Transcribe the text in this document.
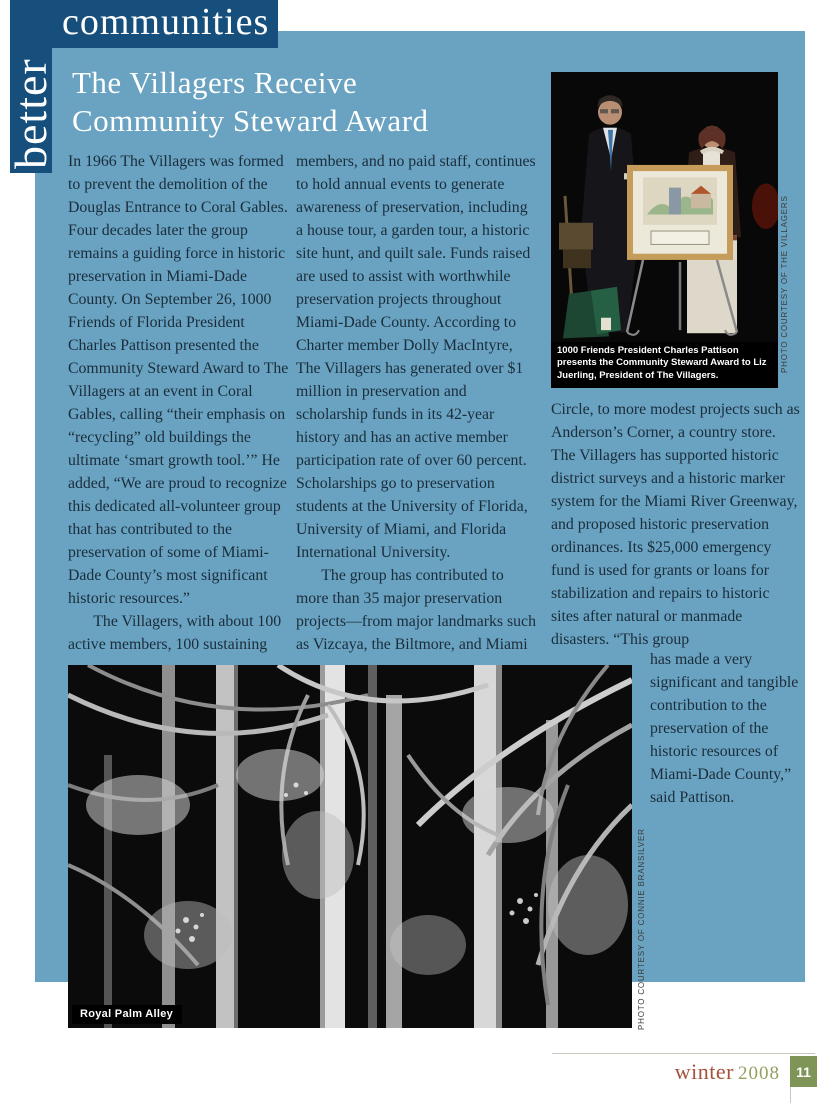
better
communities
The Villagers Receive
Community Steward Award

In 1966 The Villagers was formed to prevent the demolition of the Douglas Entrance to Coral Gables. Four decades later the group remains a guiding force in historic preservation in Miami-Dade County. On September 26, 1000 Friends of Florida President Charles Pattison presented the Community Steward Award to The Villagers at an event in Coral Gables, calling “their emphasis on “recycling” old buildings the ultimate ‘smart growth tool.’” He added, “We are proud to recognize this dedicated all-volunteer group that has contributed to the preservation of some of Miami-Dade County’s most significant historic resources.”

The Villagers, with about 100 active members, 100 sustaining

members, and no paid staff, continues to hold annual events to generate awareness of preservation, including a house tour, a garden tour, a historic site hunt, and quilt sale. Funds raised are used to assist with worthwhile preservation projects throughout Miami-Dade County. According to Charter member Dolly MacIntyre, The Villagers has generated over $1 million in preservation and scholarship funds in its 42-year history and has an active member participation rate of over 60 percent. Scholarships go to preservation students at the University of Florida, University of Miami, and Florida International University.

The group has contributed to more than 35 major preservation projects—from major landmarks such as Vizcaya, the Biltmore, and Miami

Circle, to more modest projects such as Anderson’s Corner, a country store. The Villagers has supported historic district surveys and a historic marker system for the Miami River Greenway, and proposed historic preservation ordinances. Its $25,000 emergency fund is used for grants or loans for stabilization and repairs to historic sites after natural or manmade disasters. “This group

has made a very significant and tangible contribution to the preservation of the historic resources of Miami-Dade County,” said Pattison.

1000 Friends President Charles Pattison presents the Community Steward Award to Liz Juerling, President of The Villagers.
PHOTO COURTESY OF THE VILLAGERS
Royal Palm Alley	PHOTO COURTESY OF CONNIE BRANSILVER
winter 2008 11
